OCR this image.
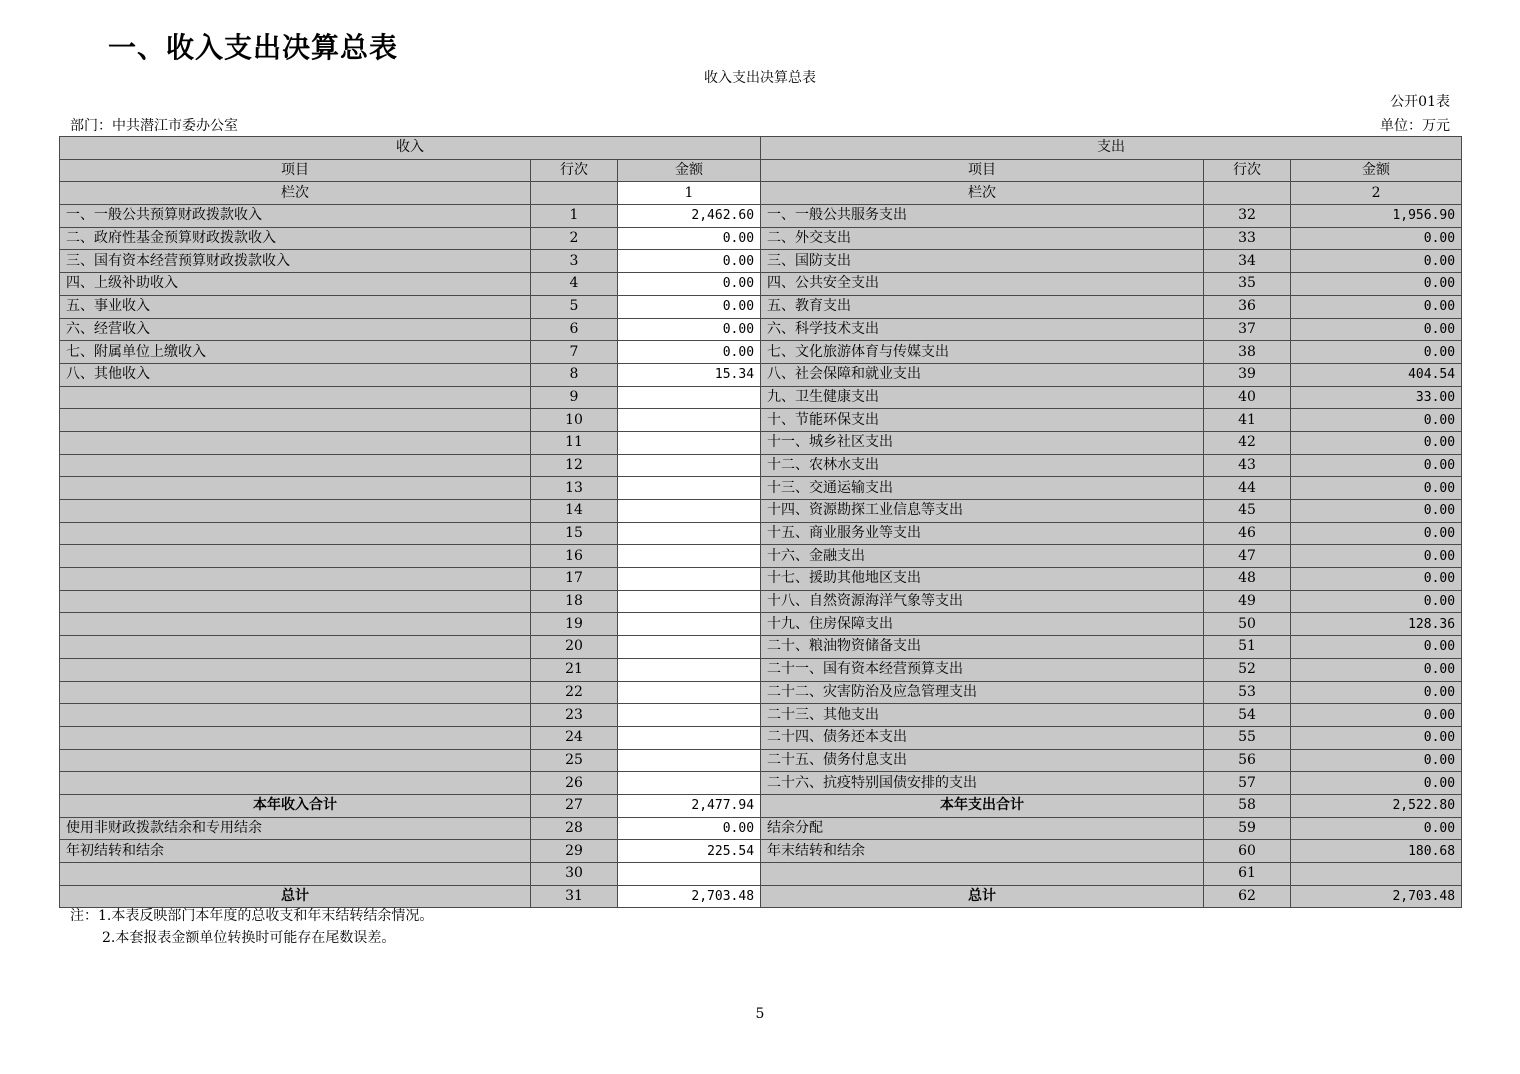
一、收入支出决算总表
收入支出决算总表
公开01表
部门：中共潜江市委办公室	单位：万元
收入			支出		
项目	行次	金额	项目	行次	金额
栏次		1	栏次		2
一、一般公共预算财政拨款收入	1	2,462.60	一、一般公共服务支出	32	1,956.90
二、政府性基金预算财政拨款收入	2	0.00	二、外交支出	33	0.00
三、国有资本经营预算财政拨款收入	3	0.00	三、国防支出	34	0.00
四、上级补助收入	4	0.00	四、公共安全支出	35	0.00
五、事业收入	5	0.00	五、教育支出	36	0.00
六、经营收入	6	0.00	六、科学技术支出	37	0.00
七、附属单位上缴收入	7	0.00	七、文化旅游体育与传媒支出	38	0.00
八、其他收入	8	15.34	八、社会保障和就业支出	39	404.54
	9		九、卫生健康支出	40	33.00
	10		十、节能环保支出	41	0.00
	11		十一、城乡社区支出	42	0.00
	12		十二、农林水支出	43	0.00
	13		十三、交通运输支出	44	0.00
	14		十四、资源勘探工业信息等支出	45	0.00
	15		十五、商业服务业等支出	46	0.00
	16		十六、金融支出	47	0.00
	17		十七、援助其他地区支出	48	0.00
	18		十八、自然资源海洋气象等支出	49	0.00
	19		十九、住房保障支出	50	128.36
	20		二十、粮油物资储备支出	51	0.00
	21		二十一、国有资本经营预算支出	52	0.00
	22		二十二、灾害防治及应急管理支出	53	0.00
	23		二十三、其他支出	54	0.00
	24		二十四、债务还本支出	55	0.00
	25		二十五、债务付息支出	56	0.00
	26		二十六、抗疫特别国债安排的支出	57	0.00
本年收入合计	27	2,477.94	本年支出合计	58	2,522.80
使用非财政拨款结余和专用结余	28	0.00	结余分配	59	0.00
年初结转和结余	29	225.54	年末结转和结余	60	180.68
	30			61	
总计	31	2,703.48	总计	62	2,703.48
注：1.本表反映部门本年度的总收支和年末结转结余情况。
2.本套报表金额单位转换时可能存在尾数误差。
5
